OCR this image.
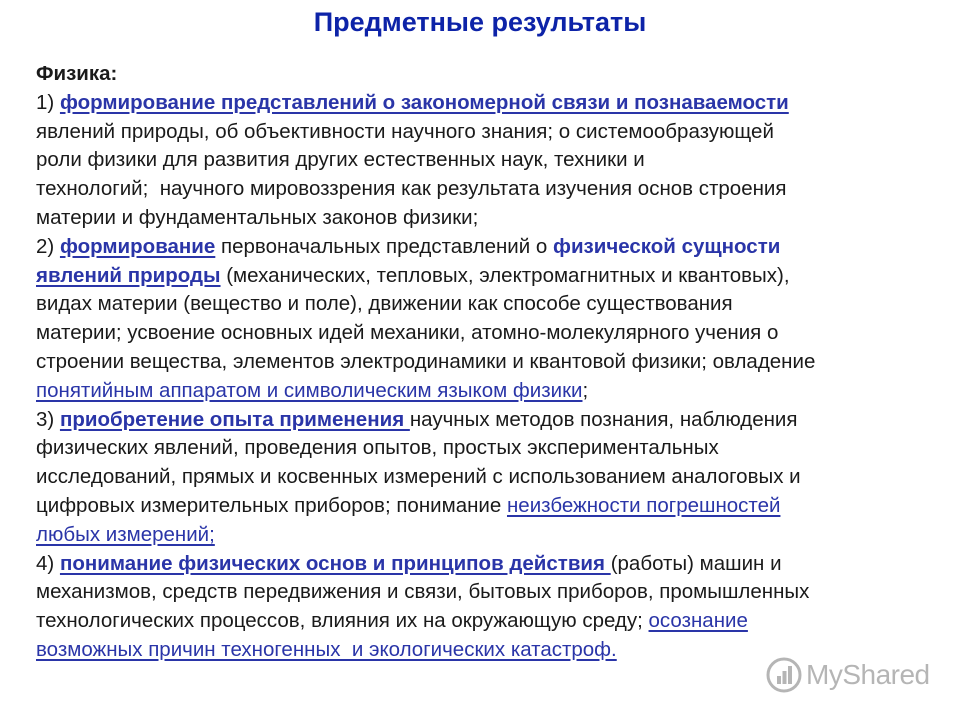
Предметные результаты
Физика:
1) формирование представлений о закономерной связи и познаваемости
явлений природы, об объективности научного знания; о системообразующей
роли физики для развития других естественных наук, техники и
технологий;  научного мировоззрения как результата изучения основ строения
материи и фундаментальных законов физики;
2) формирование первоначальных представлений о физической сущности
явлений природы (механических, тепловых, электромагнитных и квантовых),
видах материи (вещество и поле), движении как способе существования
материи; усвоение основных идей механики, атомно-молекулярного учения о
строении вещества, элементов электродинамики и квантовой физики; овладение
понятийным аппаратом и символическим языком физики;
3) приобретение опыта применения научных методов познания, наблюдения
физических явлений, проведения опытов, простых экспериментальных
исследований, прямых и косвенных измерений с использованием аналоговых и
цифровых измерительных приборов; понимание неизбежности погрешностей
любых измерений;
4) понимание физических основ и принципов действия (работы) машин и
механизмов, средств передвижения и связи, бытовых приборов, промышленных
технологических процессов, влияния их на окружающую среду; осознание
возможных причин техногенных  и экологических катастроф.
MyShared
